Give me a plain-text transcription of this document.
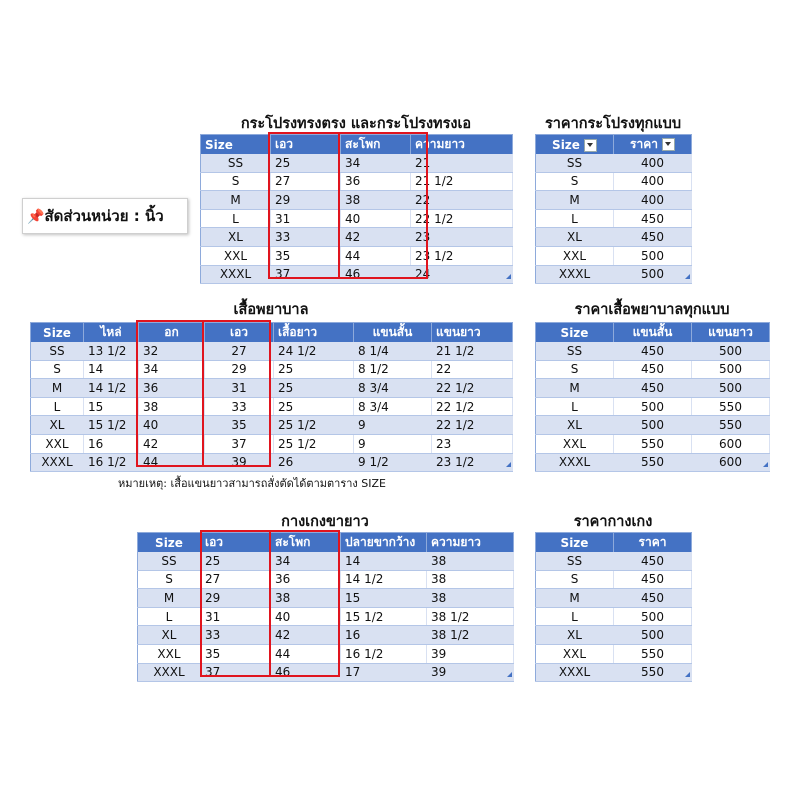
📌สัดส่วนหน่วย : นิ้ว
กระโปรงทรงตรง และกระโปรงทรงเอ
Size	เอว	สะโพก	ความยาว
SS	25	34	21
S	27	36	21 1/2
M	29	38	22
L	31	40	22 1/2
XL	33	42	23
XXL	35	44	23 1/2
XXXL	37	46	24
ราคากระโปรงทุกแบบ
Size	ราคา
SS	400
S	400
M	400
L	450
XL	450
XXL	500
XXXL	500
เสื้อพยาบาล
Size	ไหล่	อก	เอว	เสื้อยาว	แขนสั้น	แขนยาว
SS	13 1/2	32	27	24 1/2	8 1/4	21 1/2
S	14	34	29	25	8 1/2	22
M	14 1/2	36	31	25	8 3/4	22 1/2
L	15	38	33	25	8 3/4	22 1/2
XL	15 1/2	40	35	25 1/2	9	22 1/2
XXL	16	42	37	25 1/2	9	23
XXXL	16 1/2	44	39	26	9 1/2	23 1/2
ราคาเสื้อพยาบาลทุกแบบ
Size	แขนสั้น	แขนยาว
SS	450	500
S	450	500
M	450	500
L	500	550
XL	500	550
XXL	550	600
XXXL	550	600
หมายเหตุ: เสื้อแขนยาวสามารถสั่งตัดได้ตามตาราง SIZE
กางเกงขายาว
Size	เอว	สะโพก	ปลายขากว้าง	ความยาว
SS	25	34	14	38
S	27	36	14 1/2	38
M	29	38	15	38
L	31	40	15 1/2	38 1/2
XL	33	42	16	38 1/2
XXL	35	44	16 1/2	39
XXXL	37	46	17	39
ราคากางเกง
Size	ราคา
SS	450
S	450
M	450
L	500
XL	500
XXL	550
XXXL	550
